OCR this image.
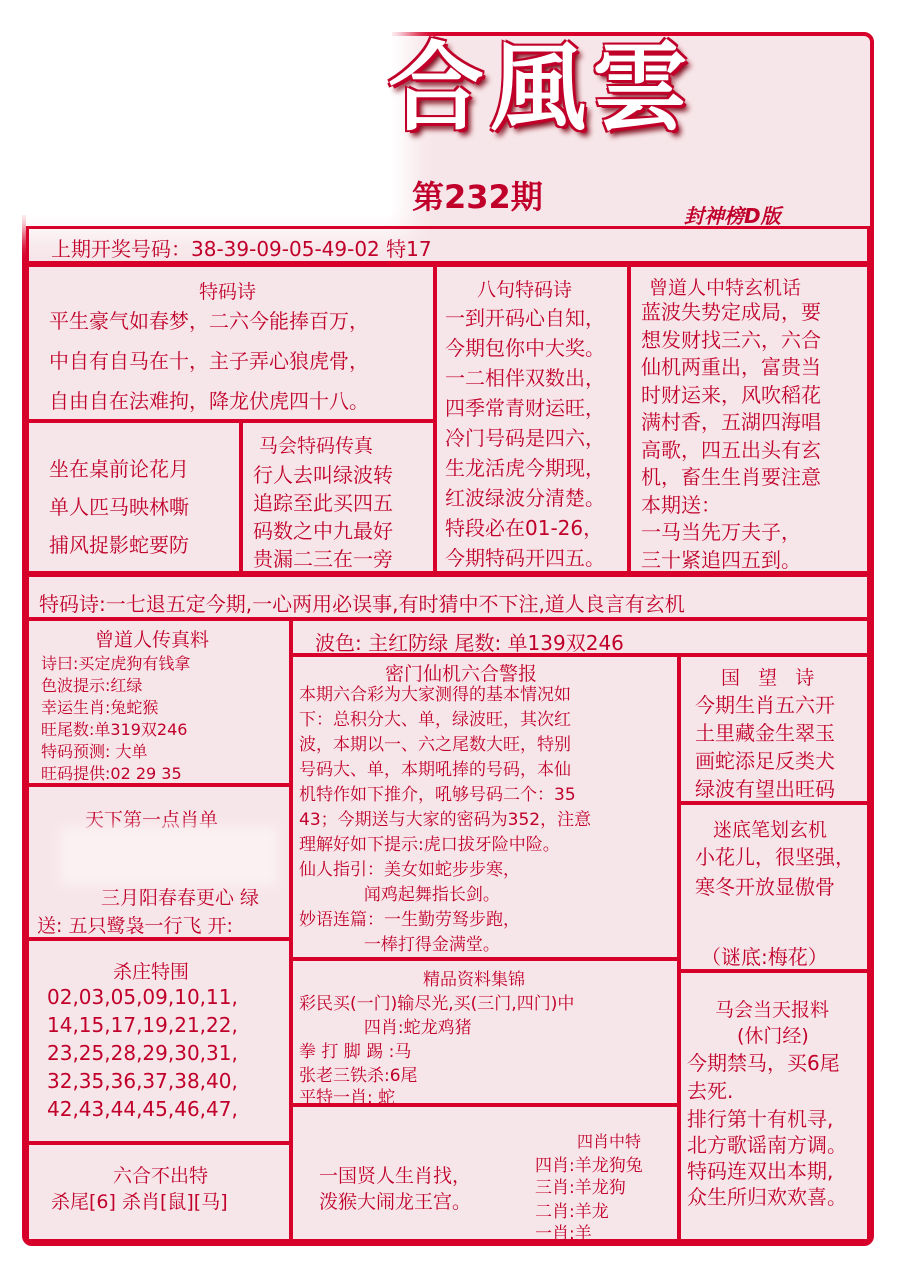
合風雲
第232期	封神榜D版
上期开奖号码：38-39-09-05-49-02 特17
特码诗
平生豪气如春梦，二六今能捧百万，
中自有自马在十，主子弄心狼虎骨，
自由自在法难拘，降龙伏虎四十八。
八句特码诗
一到开码心自知，
今期包你中大奖。
一二相伴双数出，
四季常青财运旺，
冷门号码是四六，
生龙活虎今期现，
红波绿波分清楚。
特段必在01-26，
今期特码开四五。
曾道人中特玄机话
蓝波失势定成局，要
想发财找三六，六合
仙机两重出，富贵当
时财运来，风吹稻花
满村香，五湖四海唱
高歌，四五出头有玄
机，畜生生肖要注意
本期送：
一马当先万夫子，
三十紧追四五到。
坐在桌前论花月
单人匹马映林嘶
捕风捉影蛇要防
马会特码传真
行人去叫绿波转
追踪至此买四五
码数之中九最好
贵漏二三在一旁
特码诗:一七退五定今期,一心两用必误事,有时猜中不下注,道人良言有玄机
曾道人传真料
诗曰:买定虎狗有钱拿
色波提示:红绿
幸运生肖:兔蛇猴
旺尾数:单319双246
特码预测: 大单
旺码提供:02 29 35
波色: 主红防绿 尾数: 单139双246
密门仙机六合警报
本期六合彩为大家测得的基本情况如
下：总积分大、单，绿波旺，其次红
波，本期以一、六之尾数大旺，特别
号码大、单，本期吼捧的号码，本仙
机特作如下推介，吼够号码二个：35
43；今期送与大家的密码为352，注意
理解好如下提示:虎口拔牙险中险。
仙人指引：美女如蛇步步寒，
闻鸡起舞指长剑。
妙语连篇：一生勤劳驽步跑，
一棒打得金满堂。
国   望   诗
今期生肖五六开
土里藏金生翠玉
画蛇添足反类犬
绿波有望出旺码
天下第一点肖单
三月阳春春更心 绿
送: 五只鹭袅一行飞 开:
迷底笔划玄机
小花儿，很坚强，
寒冬开放显傲骨
（谜底:梅花）
杀庄特围
02,03,05,09,10,11,
14,15,17,19,21,22,
23,25,28,29,30,31,
32,35,36,37,38,40,
42,43,44,45,46,47,
精品资料集锦
彩民买(一门)输尽光,买(三门,四门)中
四肖:蛇龙鸡猪
拳 打 脚 踢 :马
张老三铁杀:6尾
平特一肖: 蛇
马会当天报料
(休门经)
今期禁马，买6尾
去死.
排行第十有机寻,
北方歌谣南方调。
特码连双出本期,
众生所归欢欢喜。
六合不出特
杀尾[6] 杀肖[鼠][马]
一国贤人生肖找，
泼猴大闹龙王宫。
四肖中特
四肖:羊龙狗兔
三肖:羊龙狗
二肖:羊龙
一肖:羊
